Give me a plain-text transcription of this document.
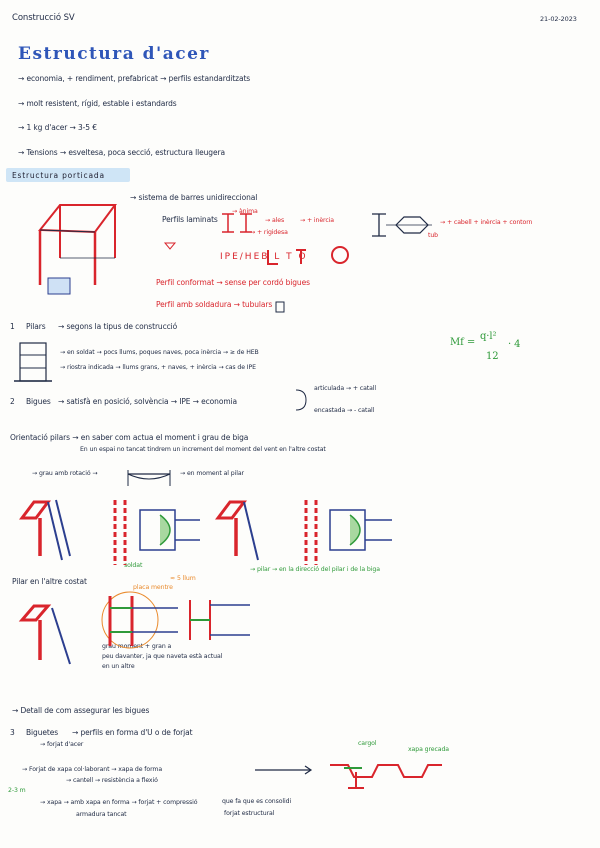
Construcció SV	21-02-2023
Estructura d'acer
→ economia, + rendiment, prefabricat → perfils estandarditzats
→ molt resistent, rígid, estable i estandards
→ 1 kg d'acer → 3-5 €
→ Tensions → esveltesa, poca secció, estructura lleugera
Estructura porticada
→ sistema de barres unidireccional
Perfils laminats
→ ànima
→ ales	→ + inèrcia
→ + rigidesa
→ + cabell + inèrcia + contorn
tub
IPE/HEB L T O
Perfil conformat → sense per cordó bigues
Perfil amb soldadura → tubulars
1 Pilars → segons la tipus de construcció
→ en soldat → pocs llums, poques naves, poca inèrcia → ≥ de HEB
→ riostra indicada → llums grans, + naves, + inèrcia → cas de IPE
Mf =
q·l²
12
· 4
2 Bigues → satisfà en posició, solvència → IPE → economia
articulada → + catall
encastada → - catall
Orientació pilars → en saber com actua el moment i grau de biga
En un espai no tancat tindrem un increment del moment del vent en l'altre costat
→ grau amb rotació →	→ en moment al pilar
soldat
→ pilar → en la direcció del pilar i de la biga
Pilar en l'altre costat
placa mentre
≈ 5 llum
grau moment + gran a
peu davanter, ja que naveta està actual
en un altre
→ Detall de com assegurar les bigues
3 Biguetes → perfils en forma d'U o de forjat
→ forjat d'acer
→ Forjat de xapa col·laborant → xapa de forma
→ cantell → resistència a flexió
→ xapa → amb xapa en forma → forjat + compressió
armadura tancat
que fa que es consolidi
forjat estructural
2-3 m
cargol
xapa grecada
